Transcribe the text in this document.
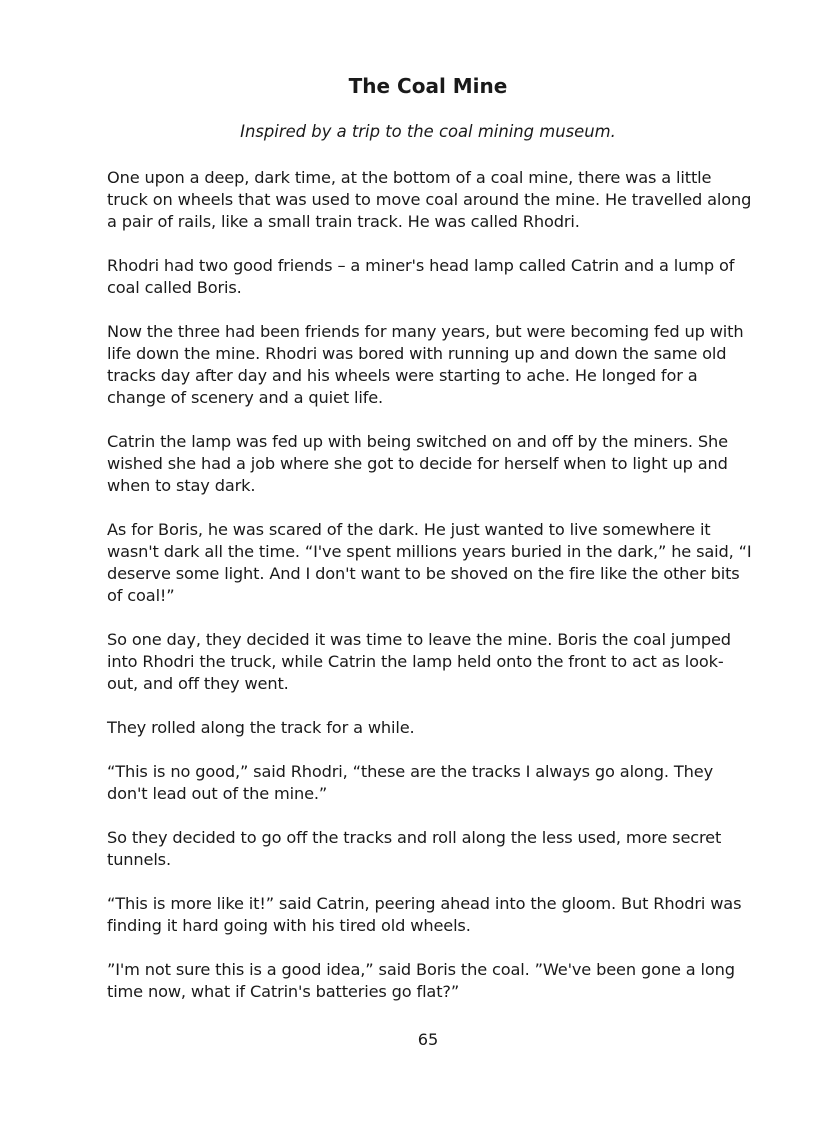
The Coal Mine

Inspired by a trip to the coal mining museum.

One upon a deep, dark time, at the bottom of a coal mine, there was a little truck on wheels that was used to move coal around the mine. He travelled along a pair of rails, like a small train track. He was called Rhodri.

Rhodri had two good friends – a miner's head lamp called Catrin and a lump of coal called Boris.

Now the three had been friends for many years, but were becoming fed up with life down the mine. Rhodri was bored with running up and down the same old tracks day after day and his wheels were starting to ache. He longed for a change of scenery and a quiet life.

Catrin the lamp was fed up with being switched on and off by the miners. She wished she had a job where she got to decide for herself when to light up and when to stay dark.

As for Boris, he was scared of the dark. He just wanted to live somewhere it wasn't dark all the time. “I've spent millions years buried in the dark,” he said, “I deserve some light. And I don't want to be shoved on the fire like the other bits of coal!”

So one day, they decided it was time to leave the mine. Boris the coal jumped into Rhodri the truck, while Catrin the lamp held onto the front to act as look-out, and off they went.

They rolled along the track for a while.

“This is no good,” said Rhodri, “these are the tracks I always go along. They don't lead out of the mine.”

So they decided to go off the tracks and roll along the less used, more secret tunnels.

“This is more like it!” said Catrin, peering ahead into the gloom. But Rhodri was finding it hard going with his tired old wheels.

”I'm not sure this is a good idea,” said Boris the coal. ”We've been gone a long time now, what if Catrin's batteries go flat?”

65
